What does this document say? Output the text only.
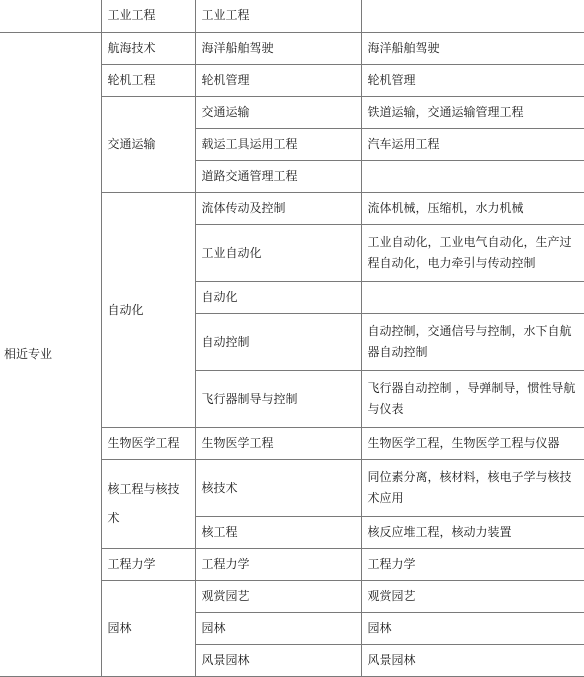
	工业工程	工业工程	
相近专业	航海技术	海洋船舶驾驶	海洋船舶驾驶
	轮机工程	轮机管理	轮机管理
	交通运输	交通运输	铁道运输，交通运输管理工程
		载运工具运用工程	汽车运用工程
		道路交通管理工程	
	自动化	流体传动及控制	流体机械，压缩机，水力机械
		工业自动化	工业自动化，工业电气自动化，生产过程自动化，电力牵引与传动控制
		自动化	
		自动控制	自动控制，交通信号与控制，水下自航器自动控制
		飞行器制导与控制	飞行器自动控制 ，导弹制导，惯性导航与仪表
	生物医学工程	生物医学工程	生物医学工程，生物医学工程与仪器
	核工程与核技术	核技术	同位素分离，核材料，核电子学与核技术应用
		核工程	核反应堆工程，核动力装置
	工程力学	工程力学	工程力学
	园林	观赏园艺	观赏园艺
		园林	园林
		风景园林	风景园林
